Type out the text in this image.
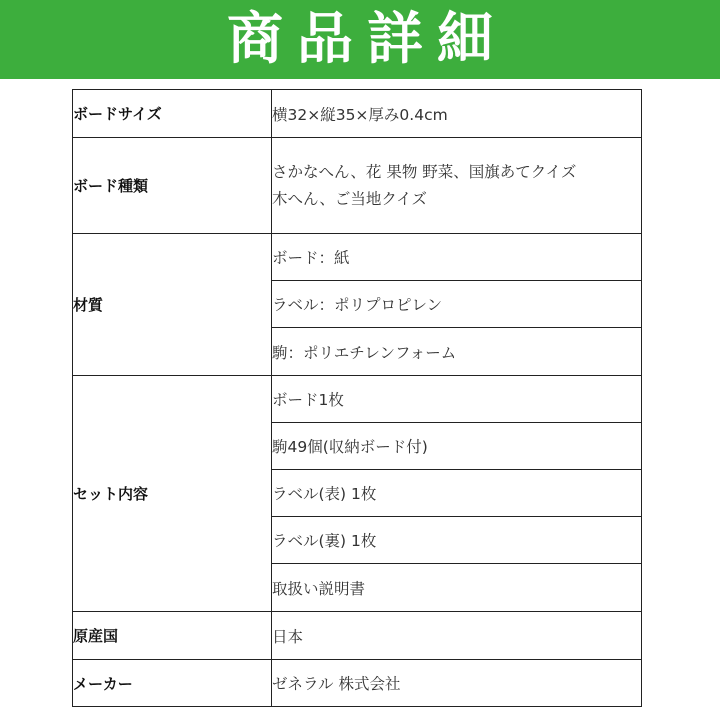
商品詳細
ボードサイズ	横32×縦35×厚み0.4cm
ボード種類	さかなへん、花 果物 野菜、国旗あてクイズ
木へん、ご当地クイズ

材質	ボード：紙
	ラベル：ポリプロピレン
	駒：ポリエチレンフォーム
セット内容	ボード1枚
	駒49個(収納ボード付)
	ラベル(表) 1枚
	ラベル(裏) 1枚
	取扱い説明書
原産国	日本
メーカー	ゼネラル 株式会社
